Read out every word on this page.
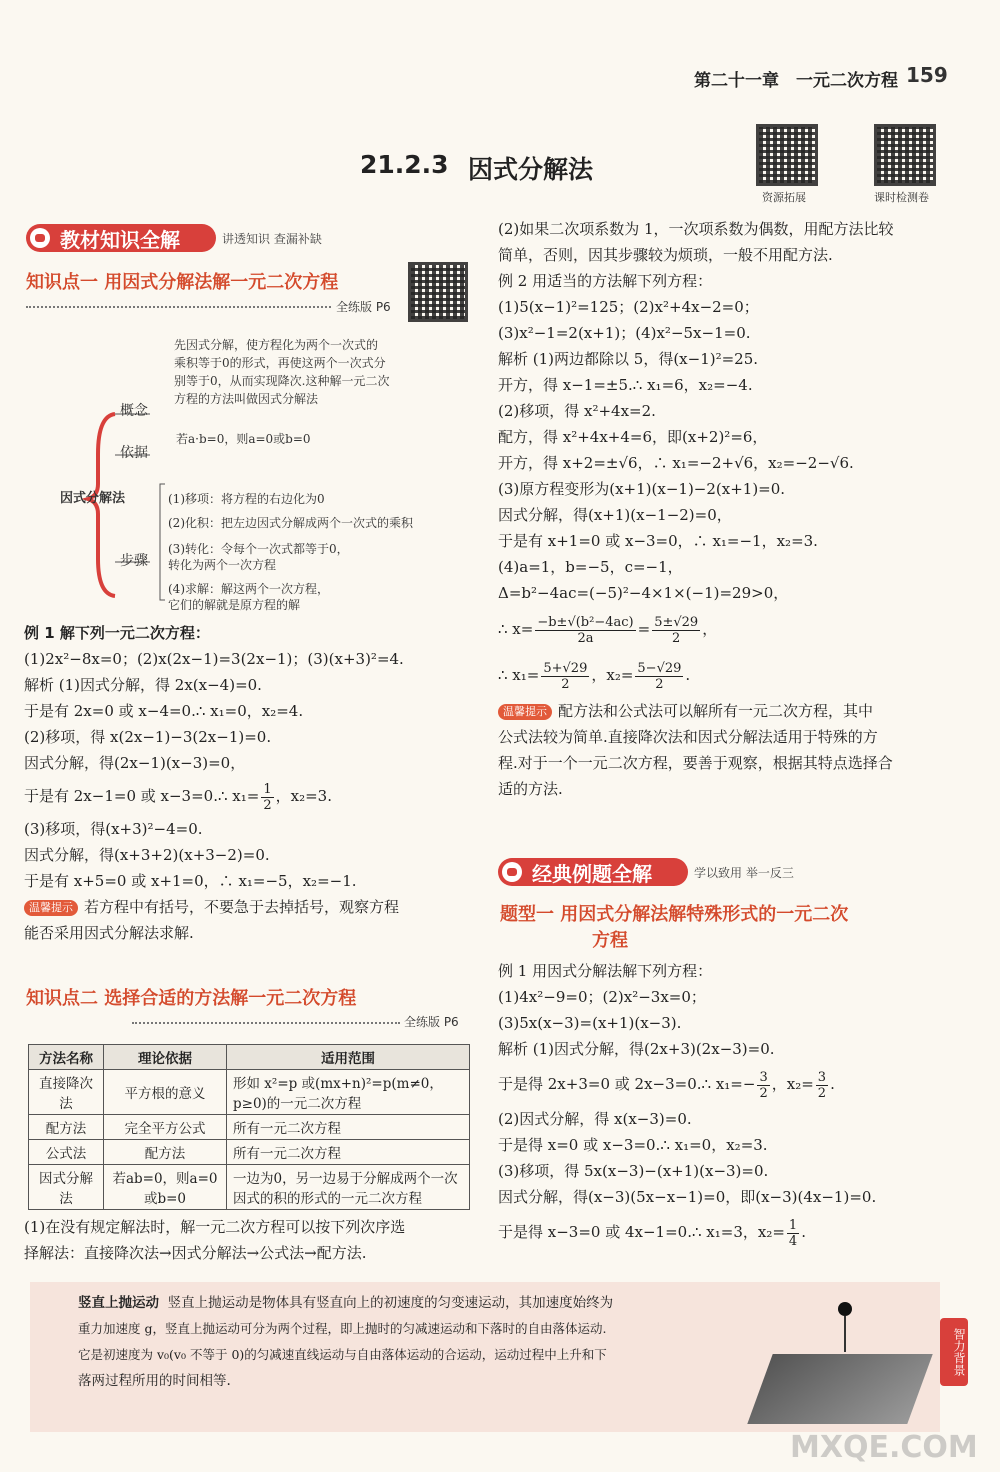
第二十一章 一元二次方程 159
21.2.3 因式分解法
资源拓展	课时检测卷
教材知识全解	讲透知识 查漏补缺
知识点一 用因式分解法解一元二次方程
全练版 P6
概念
依据
因式分解法
步骤
先因式分解，使方程化为两个一次式的
乘积等于0的形式，再使这两个一次式分
别等于0，从而实现降次.这种解一元二次
方程的方法叫做因式分解法
若a·b=0，则a=0或b=0
(1)移项：将方程的右边化为0
(2)化积：把左边因式分解成两个一次式的乘积
(3)转化：令每个一次式都等于0，
转化为两个一次方程
(4)求解：解这两个一次方程，
它们的解就是原方程的解
例 1 解下列一元二次方程：
(1)2x²−8x=0；(2)x(2x−1)=3(2x−1)；(3)(x+3)²=4.
解析 (1)因式分解，得 2x(x−4)=0.
于是有 2x=0 或 x−4=0.∴ x₁=0，x₂=4.
(2)移项，得 x(2x−1)−3(2x−1)=0.
因式分解，得(2x−1)(x−3)=0，
于是有 2x−1=0 或 x−3=0.∴ $x_1= \frac{1}{2}$ ，x₂=3.
(3)移项，得(x+3)²−4=0.
因式分解，得(x+3+2)(x+3−2)=0.
于是有 x+5=0 或 x+1=0，∴ x₁=−5，x₂=−1.
温馨提示 若方程中有括号，不要急于去掉括号，观察方程
能否采用因式分解法求解.
知识点二 选择合适的方法解一元二次方程
全练版 P6
方法名称	理论依据	适用范围
直接降次法	平方根的意义	形如 x²=p 或(mx+n)²=p(m≠0，p≥0)的一元二次方程
配方法	完全平方公式	所有一元二次方程
公式法	配方法	所有一元二次方程
因式分解法	若ab=0，则a=0或b=0	一边为0，另一边易于分解成两个一次因式的积的形式的一元二次方程
(1)在没有规定解法时，解一元二次方程可以按下列次序选
择解法：直接降次法→因式分解法→公式法→配方法.
(2)如果二次项系数为 1，一次项系数为偶数，用配方法比较
简单，否则，因其步骤较为烦琐，一般不用配方法.
例 2 用适当的方法解下列方程：
(1)5(x−1)²=125；(2)x²+4x−2=0；
(3)x²−1=2(x+1)；(4)x²−5x−1=0.
解析 (1)两边都除以 5，得(x−1)²=25.
开方，得 x−1=±5.∴ x₁=6，x₂=−4.
(2)移项，得 x²+4x=2.
配方，得 x²+4x+4=6，即(x+2)²=6，
开方，得 x+2=±√6，∴ x₁=−2+√6，x₂=−2−√6.
(3)原方程变形为(x+1)(x−1)−2(x+1)=0.
因式分解，得(x+1)(x−1−2)=0，
于是有 x+1=0 或 x−3=0，∴ x₁=−1，x₂=3.
(4)a=1，b=−5，c=−1，
Δ=b²−4ac=(−5)²−4×1×(−1)=29>0，
∴ $x= \frac{\text{−b±√(b²−4ac)}}{2a} = \frac{5\pm√29}{2}$ ，
∴ $x_1= \frac{5+√29}{2}$ ，$x_2= \frac{5-√29}{2}$ .
温馨提示 配方法和公式法可以解所有一元二次方程，其中
公式法较为简单.直接降次法和因式分解法适用于特殊的方
程.对于一个一元二次方程，要善于观察，根据其特点选择合
适的方法.
经典例题全解	学以致用 举一反三
题型一 用因式分解法解特殊形式的一元二次
方程
例 1 用因式分解法解下列方程：
(1)4x²−9=0；(2)x²−3x=0；
(3)5x(x−3)=(x+1)(x−3).
解析 (1)因式分解，得(2x+3)(2x−3)=0.
于是得 2x+3=0 或 2x−3=0.∴ $x_1=- \frac{3}{2}$ ，$x_2= \frac{3}{2}$ .
(2)因式分解，得 x(x−3)=0.
于是得 x=0 或 x−3=0.∴ x₁=0，x₂=3.
(3)移项，得 5x(x−3)−(x+1)(x−3)=0.
因式分解，得(x−3)(5x−x−1)=0，即(x−3)(4x−1)=0.
于是得 x−3=0 或 4x−1=0.∴ x₁=3，$x_2= \frac{1}{4}$ .
竖直上抛运动 竖直上抛运动是物体具有竖直向上的初速度的匀变速运动，其加速度始终为
重力加速度 g，竖直上抛运动可分为两个过程，即上抛时的匀减速运动和下落时的自由落体运动.
它是初速度为 v₀(v₀ 不等于 0)的匀减速直线运动与自由落体运动的合运动，运动过程中上升和下
落两过程所用的时间相等.
智力背景
MXQE.COM
